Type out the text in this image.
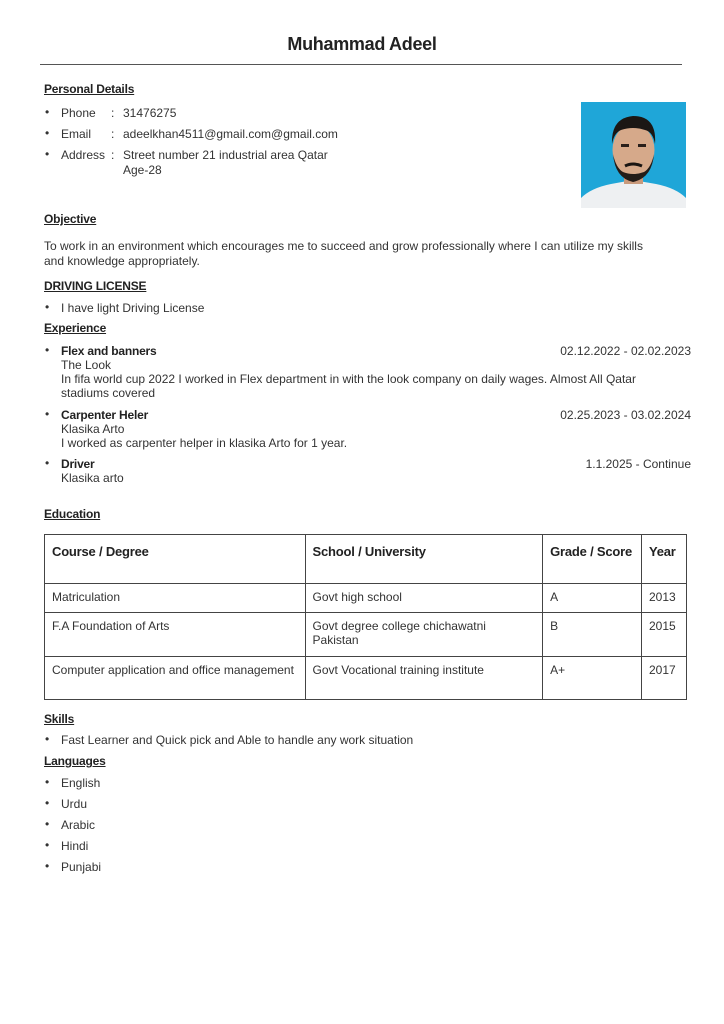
Muhammad Adeel
Personal Details
• Phone : 31476275
• Email : adeelkhan4511@gmail.com@gmail.com
• Address : Street number 21 industrial area Qatar
Age-28
Objective
To work in an environment which encourages me to succeed and grow professionally where I can utilize my skills
and knowledge appropriately.
DRIVING LICENSE
• I have light Driving License
Experience
• Flex and banners	02.12.2022 - 02.02.2023
The Look
In fifa world cup 2022 I worked in Flex department in with the look company on daily wages. Almost All Qatar
stadiums covered
• Carpenter Heler	02.25.2023 - 03.02.2024
Klasika Arto
I worked as carpenter helper in klasika Arto for 1 year.
• Driver	1.1.2025 - Continue
Klasika arto
Education
Course / Degree	School / University	Grade / Score	Year
Matriculation	Govt high school	A	2013
F.A Foundation of Arts	Govt degree college chichawatni Pakistan	B	2015
Computer application and office management	Govt Vocational training institute	A+	2017
Skills
• Fast Learner and Quick pick and Able to handle any work situation
Languages
• English
• Urdu
• Arabic
• Hindi
• Punjabi
